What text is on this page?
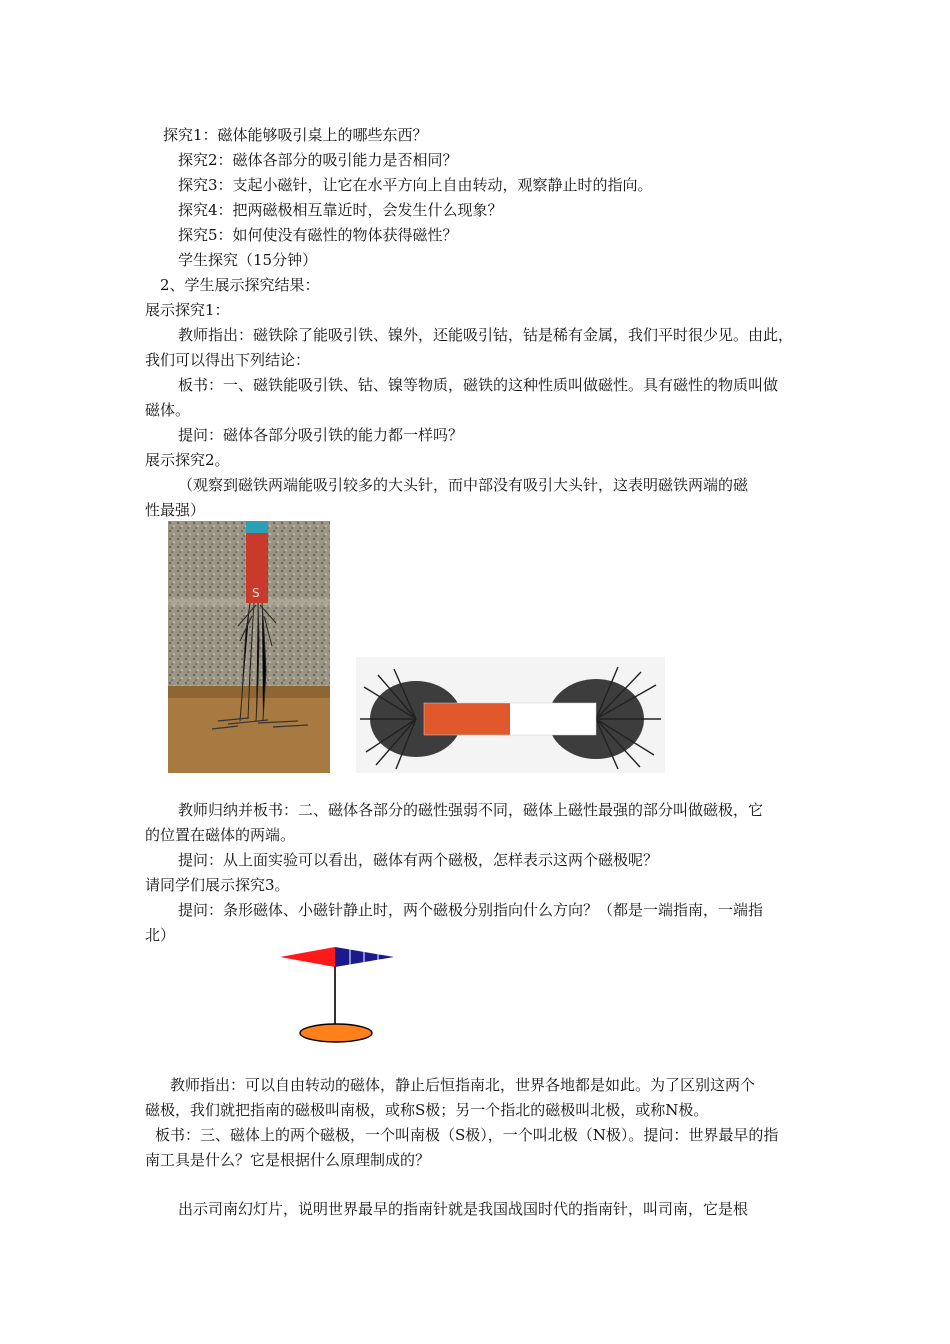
探究1：磁体能够吸引桌上的哪些东西？
探究2：磁体各部分的吸引能力是否相同？
探究3：支起小磁针，让它在水平方向上自由转动，观察静止时的指向。
探究4：把两磁极相互靠近时，会发生什么现象？
探究5：如何使没有磁性的物体获得磁性？
学生探究（15分钟）
2、学生展示探究结果：
展示探究1：
教师指出：磁铁除了能吸引铁、镍外，还能吸引钴，钴是稀有金属，我们平时很少见。由此，
我们可以得出下列结论：
板书：一、磁铁能吸引铁、钴、镍等物质，磁铁的这种性质叫做磁性。具有磁性的物质叫做
磁体。
提问：磁体各部分吸引铁的能力都一样吗？
展示探究2。
（观察到磁铁两端能吸引较多的大头针，而中部没有吸引大头针，这表明磁铁两端的磁
性最强）
S
教师归纳并板书：二、磁体各部分的磁性强弱不同，磁体上磁性最强的部分叫做磁极，它
的位置在磁体的两端。
提问：从上面实验可以看出，磁体有两个磁极，怎样表示这两个磁极呢？
请同学们展示探究3。
提问：条形磁体、小磁针静止时，两个磁极分别指向什么方向？（都是一端指南，一端指
北）
教师指出：可以自由转动的磁体，静止后恒指南北，世界各地都是如此。为了区别这两个
磁极，我们就把指南的磁极叫南极，或称S极；另一个指北的磁极叫北极，或称N极。
板书：三、磁体上的两个磁极，一个叫南极（S极），一个叫北极（N极）。提问：世界最早的指
南工具是什么？它是根据什么原理制成的？
出示司南幻灯片，说明世界最早的指南针就是我国战国时代的指南针，叫司南，它是根
